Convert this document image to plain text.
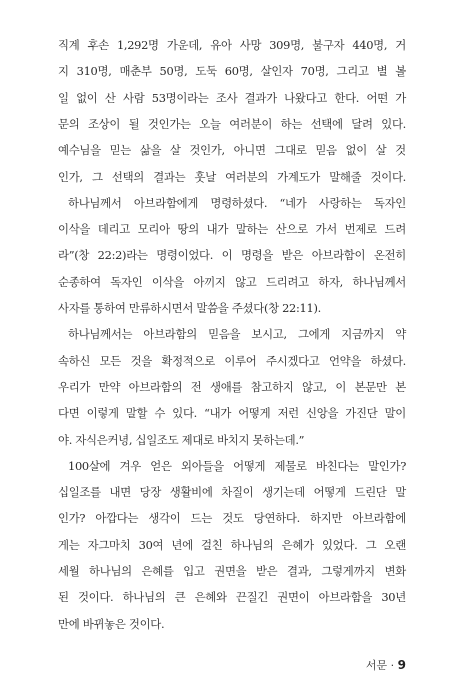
직계 후손 1,292명 가운데, 유아 사망 309명, 불구자 440명, 거
지 310명, 매춘부 50명, 도둑 60명, 살인자 70명, 그리고 별 볼
일 없이 산 사람 53명이라는 조사 결과가 나왔다고 한다. 어떤 가
문의 조상이 될 것인가는 오늘 여러분이 하는 선택에 달려 있다.
예수님을 믿는 삶을 살 것인가, 아니면 그대로 믿음 없이 살 것
인가, 그 선택의 결과는 훗날 여러분의 가계도가 말해줄 것이다.
하나님께서 아브라함에게 명령하셨다. “네가 사랑하는 독자인
이삭을 데리고 모리아 땅의 내가 말하는 산으로 가서 번제로 드려
라”(창 22:2)라는 명령이었다. 이 명령을 받은 아브라함이 온전히
순종하여 독자인 이삭을 아끼지 않고 드리려고 하자, 하나님께서
사자를 통하여 만류하시면서 말씀을 주셨다(창 22:11).
하나님께서는 아브라함의 믿음을 보시고, 그에게 지금까지 약
속하신 모든 것을 확정적으로 이루어 주시겠다고 언약을 하셨다.
우리가 만약 아브라함의 전 생애를 참고하지 않고, 이 본문만 본
다면 이렇게 말할 수 있다. “내가 어떻게 저런 신앙을 가진단 말이
야. 자식은커녕, 십일조도 제대로 바치지 못하는데.”
100살에 겨우 얻은 외아들을 어떻게 제물로 바친다는 말인가?
십일조를 내면 당장 생활비에 차질이 생기는데 어떻게 드린단 말
인가? 아깝다는 생각이 드는 것도 당연하다. 하지만 아브라함에
게는 자그마치 30여 년에 걸친 하나님의 은혜가 있었다. 그 오랜
세월 하나님의 은혜를 입고 권면을 받은 결과, 그렇게까지 변화
된 것이다. 하나님의 큰 은혜와 끈질긴 권면이 아브라함을 30년
만에 바뀌놓은 것이다.
서문 · 9
